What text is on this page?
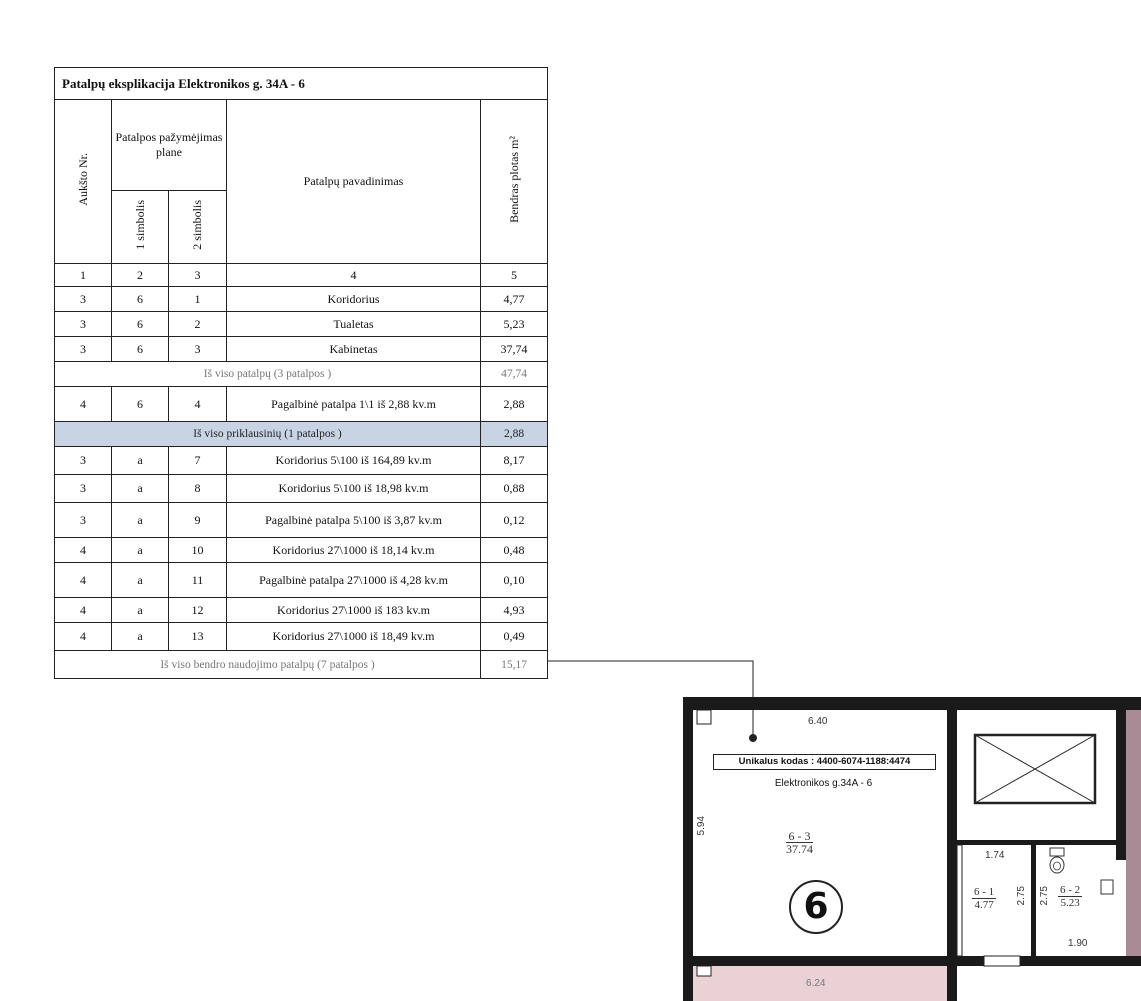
Patalpų eksplikacija Elektronikos g. 34A - 6				
Aukšto Nr.	Patalpos pažymėjimas plane		Patalpų pavadinimas	Bendras plotas m²
	1 simbolis	2 simbolis		
1	2	3	4	5
3	6	1	Koridorius	4,77
3	6	2	Tualetas	5,23
3	6	3	Kabinetas	37,74
Iš viso patalpų (3 patalpos )				47,74
4	6	4	Pagalbinė patalpa 1\1 iš 2,88 kv.m	2,88
Iš viso priklausinių (1 patalpos )				2,88
3	a	7	Koridorius 5\100 iš 164,89 kv.m	8,17
3	a	8	Koridorius 5\100 iš 18,98 kv.m	0,88
3	a	9	Pagalbinė patalpa 5\100 iš 3,87 kv.m	0,12
4	a	10	Koridorius 27\1000 iš 18,14 kv.m	0,48
4	a	11	Pagalbinė patalpa 27\1000 iš 4,28 kv.m	0,10
4	a	12	Koridorius 27\1000 iš 183 kv.m	4,93
4	a	13	Koridorius 27\1000 iš 18,49 kv.m	0,49
Iš viso bendro naudojimo patalpų (7 patalpos )				15,17
Unikalus kodas : 4400-6074-1188:4474
Elektronikos g.34A - 6
6.40
5.94
1.74
1.90
2.75 2.75
6.24
$\frac{6 - 3}{37.74}$
$\frac{6 - 1}{4.77}$	$\frac{6 - 2}{5.23}$
6
